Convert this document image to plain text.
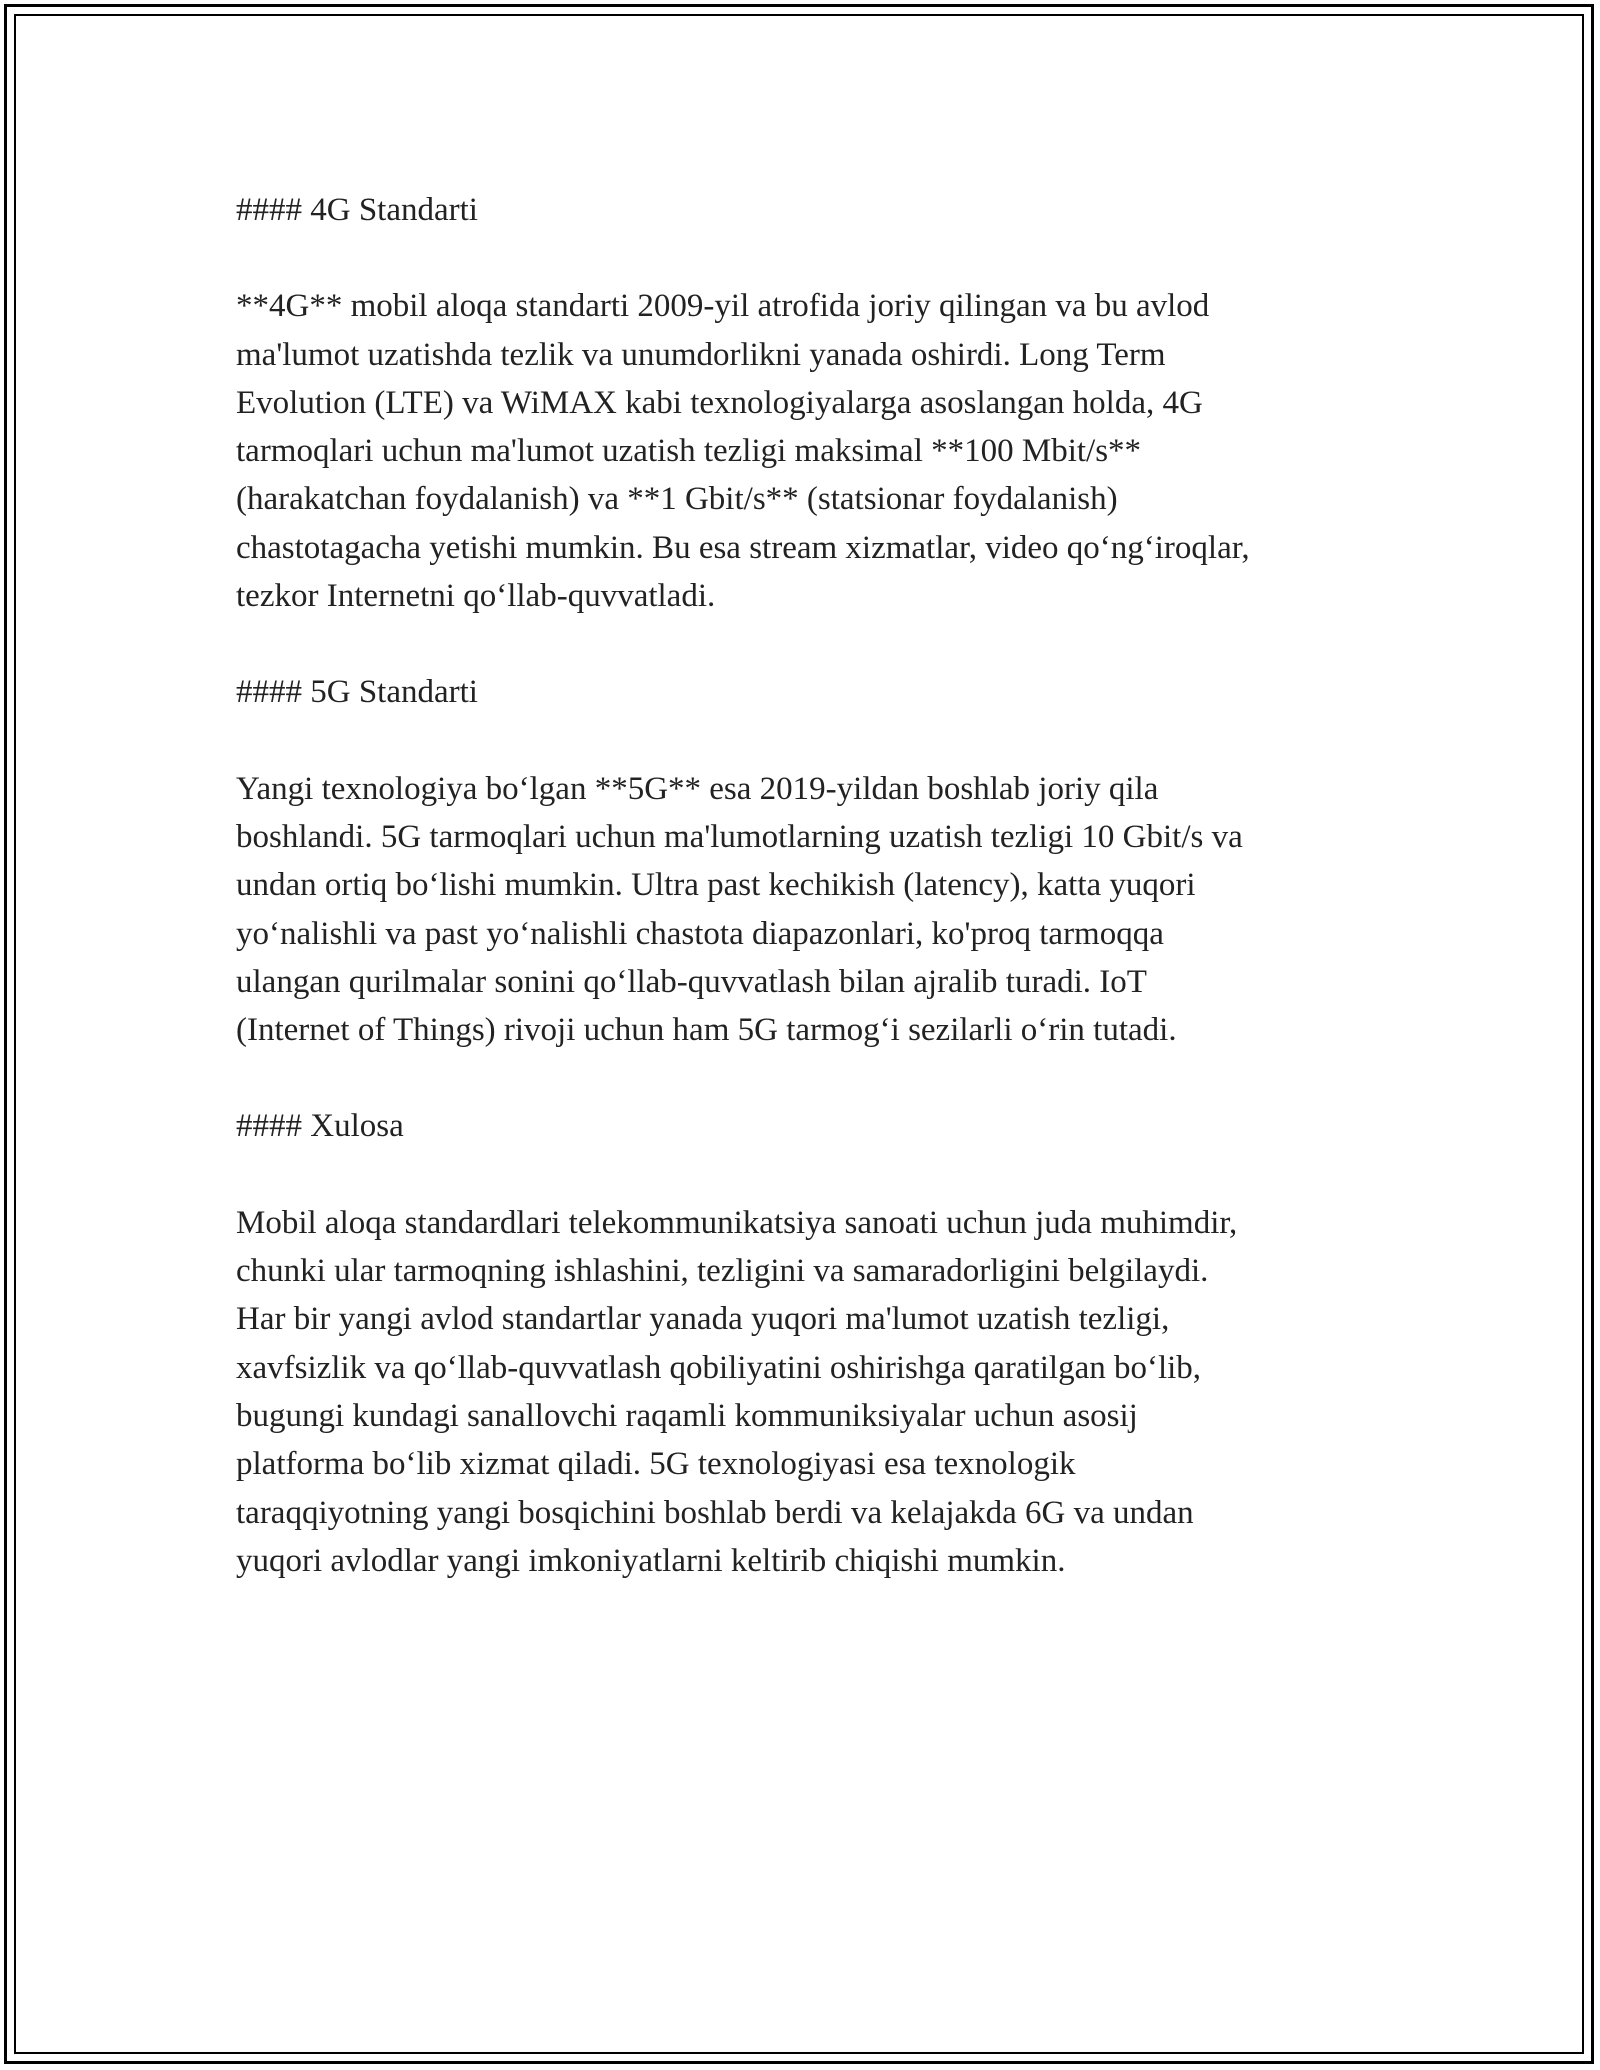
#### 4G Standarti

**4G** mobil aloqa standarti 2009-yil atrofida joriy qilingan va bu avlod
ma'lumot uzatishda tezlik va unumdorlikni yanada oshirdi. Long Term
Evolution (LTE) va WiMAX kabi texnologiyalarga asoslangan holda, 4G
tarmoqlari uchun ma'lumot uzatish tezligi maksimal **100 Mbit/s**
(harakatchan foydalanish) va **1 Gbit/s** (statsionar foydalanish)
chastotagacha yetishi mumkin. Bu esa stream xizmatlar, video qo‘ng‘iroqlar,
tezkor Internetni qo‘llab-quvvatladi.

#### 5G Standarti

Yangi texnologiya bo‘lgan **5G** esa 2019-yildan boshlab joriy qila
boshlandi. 5G tarmoqlari uchun ma'lumotlarning uzatish tezligi 10 Gbit/s va
undan ortiq bo‘lishi mumkin. Ultra past kechikish (latency), katta yuqori
yo‘nalishli va past yo‘nalishli chastota diapazonlari, ko'proq tarmoqqa
ulangan qurilmalar sonini qo‘llab-quvvatlash bilan ajralib turadi. IoT
(Internet of Things) rivoji uchun ham 5G tarmog‘i sezilarli o‘rin tutadi.

#### Xulosa

Mobil aloqa standardlari telekommunikatsiya sanoati uchun juda muhimdir,
chunki ular tarmoqning ishlashini, tezligini va samaradorligini belgilaydi.
Har bir yangi avlod standartlar yanada yuqori ma'lumot uzatish tezligi,
xavfsizlik va qo‘llab-quvvatlash qobiliyatini oshirishga qaratilgan bo‘lib,
bugungi kundagi sanallovchi raqamli kommuniksiyalar uchun asosij
platforma bo‘lib xizmat qiladi. 5G texnologiyasi esa texnologik
taraqqiyotning yangi bosqichini boshlab berdi va kelajakda 6G va undan
yuqori avlodlar yangi imkoniyatlarni keltirib chiqishi mumkin.
